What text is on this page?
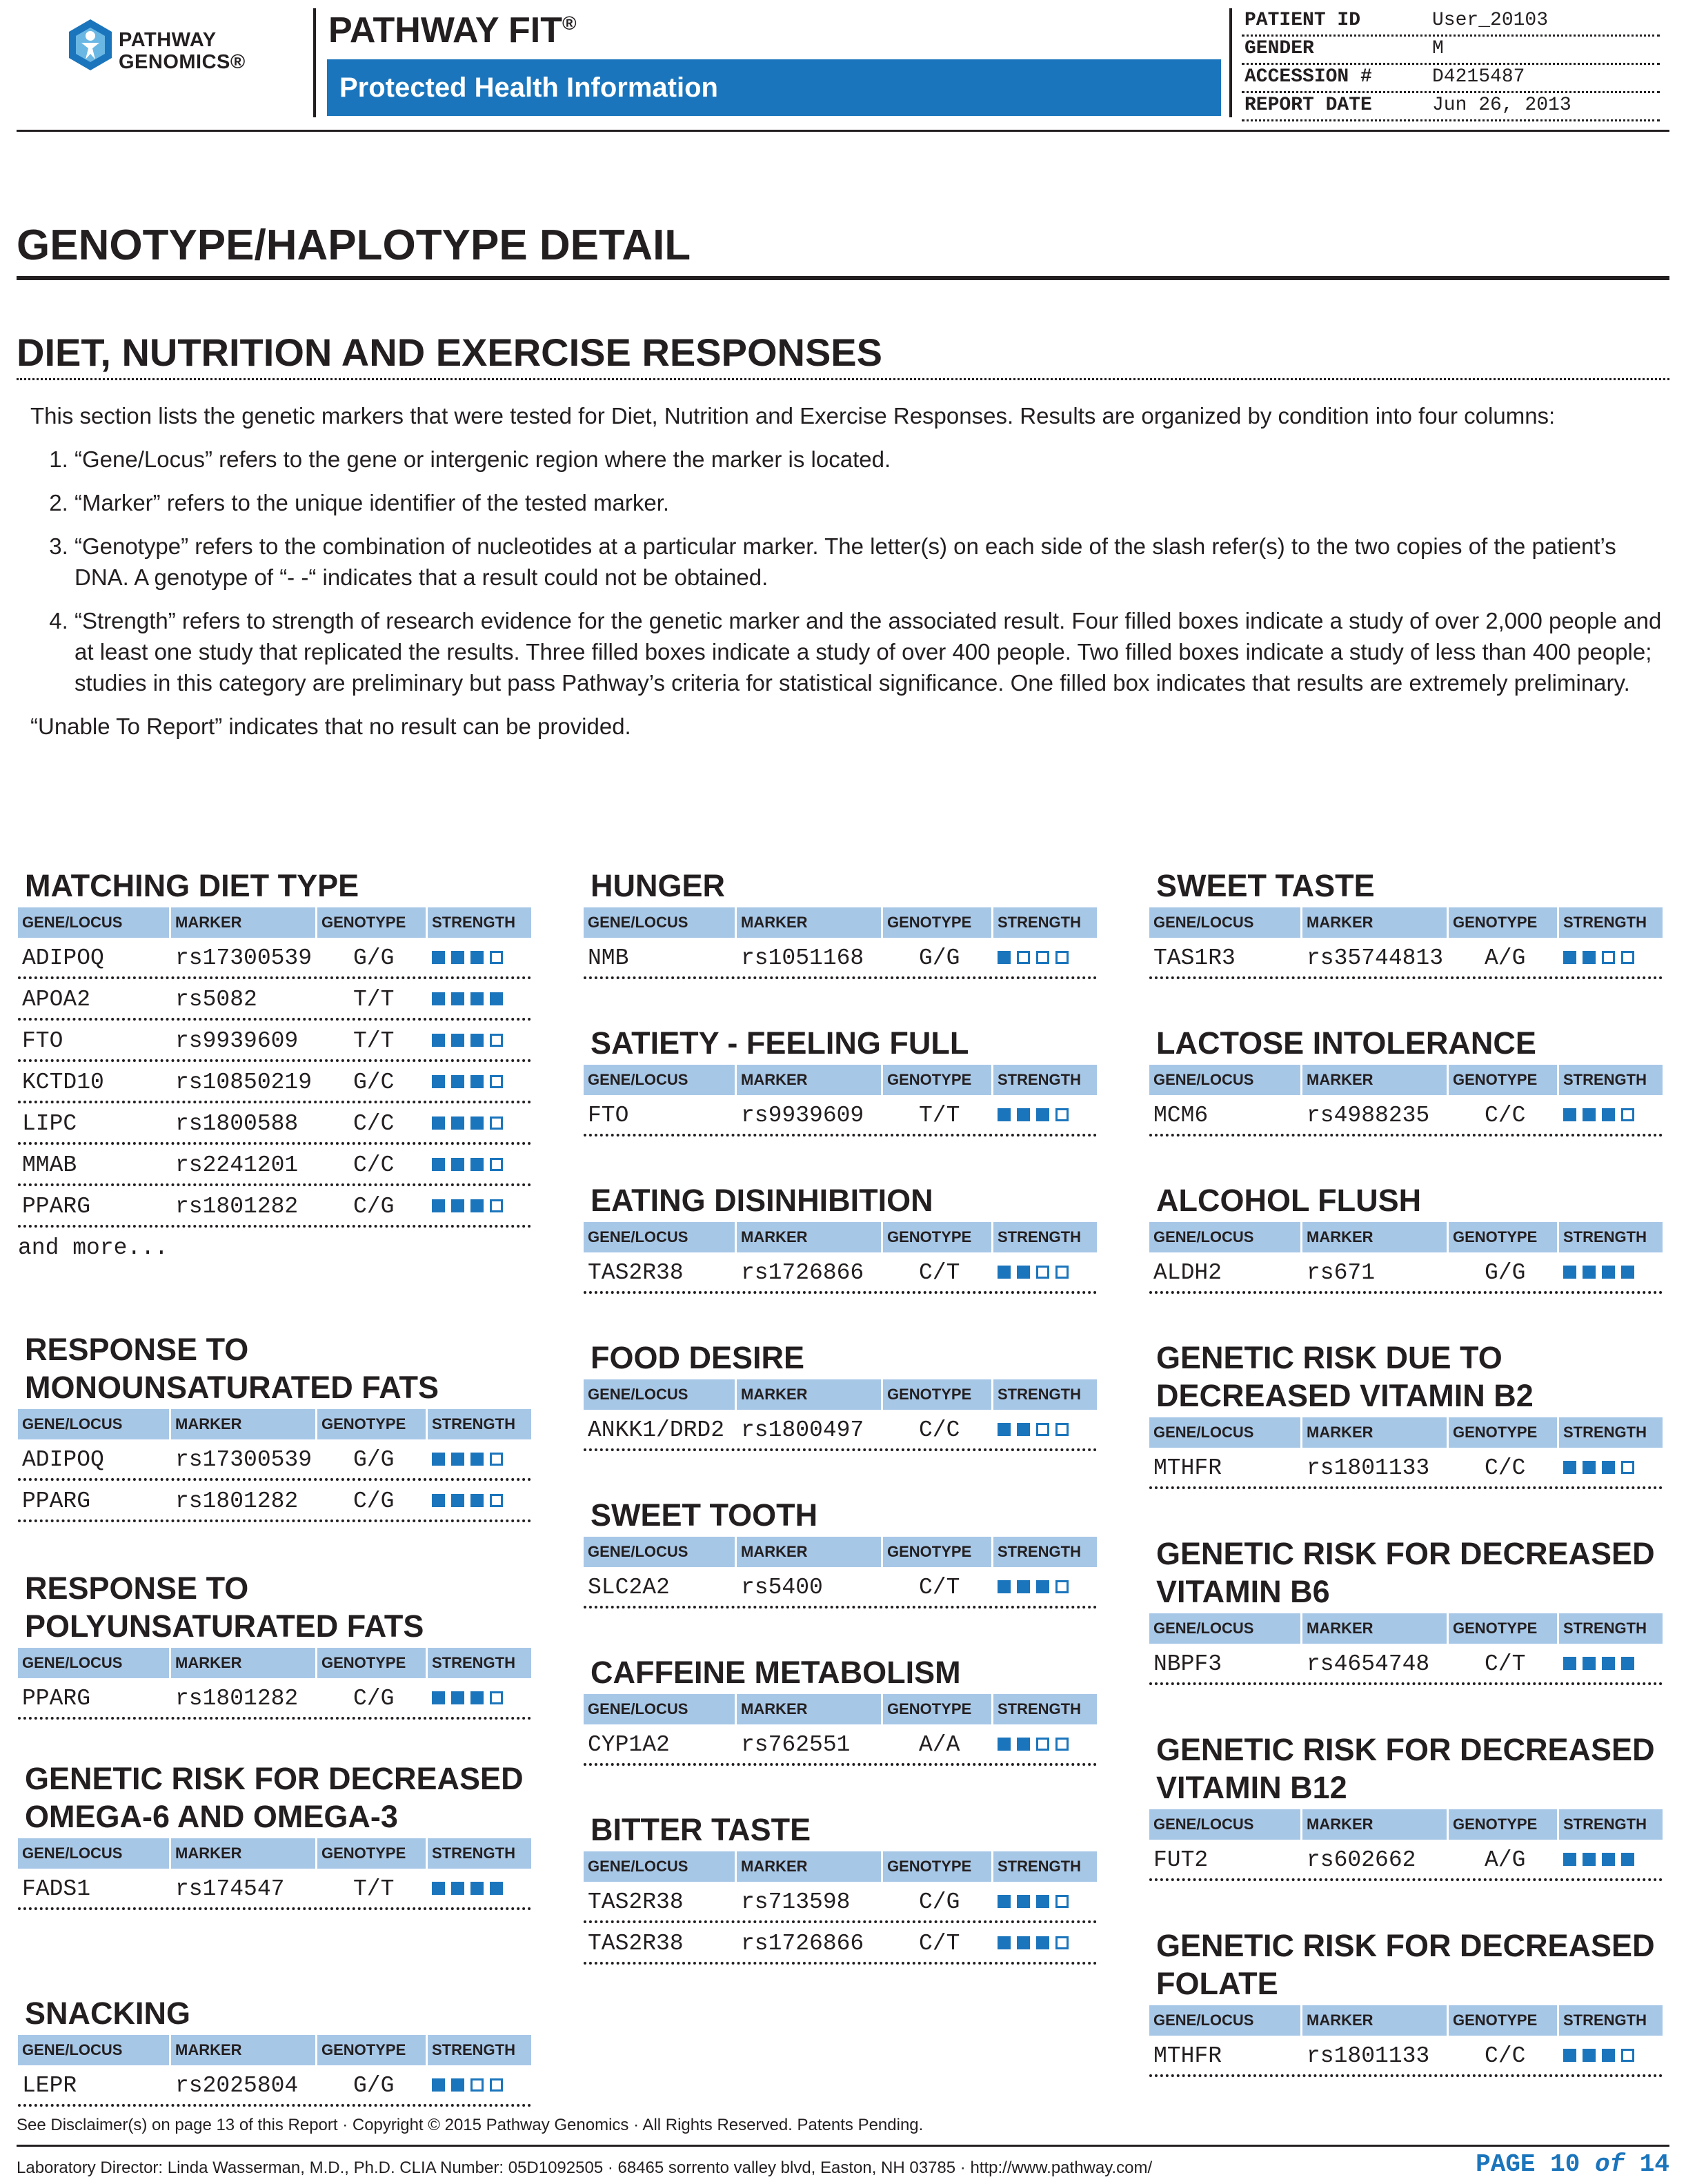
PATHWAY
GENOMICS®
PATHWAY FIT®
Protected Health Information
PATIENT ID	User_20103
GENDER	M
ACCESSION #	D4215487
REPORT DATE	Jun 26, 2013
GENOTYPE/HAPLOTYPE DETAIL
DIET, NUTRITION AND EXERCISE RESPONSES

This section lists the genetic markers that were tested for Diet, Nutrition and Exercise Responses. Results are organized by condition into four columns:

1. “Gene/Locus” refers to the gene or intergenic region where the marker is located.
2. “Marker” refers to the unique identifier of the tested marker.
3. “Genotype” refers to the combination of nucleotides at a particular marker. The letter(s) on each side of the slash refer(s) to the two copies of the patient’s DNA. A genotype of “- -“ indicates that a result could not be obtained.
4. “Strength” refers to strength of research evidence for the genetic marker and the associated result. Four filled boxes indicate a study of over 2,000 people and at least one study that replicated the results. Three filled boxes indicate a study of over 400 people. Two filled boxes indicate a study of less than 400 people; studies in this category are preliminary but pass Pathway’s criteria for statistical significance. One filled box indicates that results are extremely preliminary.

“Unable To Report” indicates that no result can be provided.

MATCHING DIET TYPE
GENE/LOCUS	MARKER	GENOTYPE	STRENGTH
ADIPOQ	rs17300539	G/G
APOA2	rs5082	T/T
FTO	rs9939609	T/T
KCTD10	rs10850219	G/C
LIPC	rs1800588	C/C
MMAB	rs2241201	C/C
PPARG	rs1801282	C/G
and more...
RESPONSE TO MONOUNSATURATED FATS
GENE/LOCUS	MARKER	GENOTYPE	STRENGTH
ADIPOQ	rs17300539	G/G
PPARG	rs1801282	C/G
RESPONSE TO POLYUNSATURATED FATS
GENE/LOCUS	MARKER	GENOTYPE	STRENGTH
PPARG	rs1801282	C/G
GENETIC RISK FOR DECREASED OMEGA-6 AND OMEGA-3
GENE/LOCUS	MARKER	GENOTYPE	STRENGTH
FADS1	rs174547	T/T
SNACKING
GENE/LOCUS	MARKER	GENOTYPE	STRENGTH
LEPR	rs2025804	G/G
HUNGER
GENE/LOCUS	MARKER	GENOTYPE	STRENGTH
NMB	rs1051168	G/G
SATIETY - FEELING FULL
GENE/LOCUS	MARKER	GENOTYPE	STRENGTH
FTO	rs9939609	T/T
EATING DISINHIBITION
GENE/LOCUS	MARKER	GENOTYPE	STRENGTH
TAS2R38	rs1726866	C/T
FOOD DESIRE
GENE/LOCUS	MARKER	GENOTYPE	STRENGTH
ANKK1/DRD2 rs1800497	C/C
SWEET TOOTH
GENE/LOCUS	MARKER	GENOTYPE	STRENGTH
SLC2A2	rs5400	C/T
CAFFEINE METABOLISM
GENE/LOCUS	MARKER	GENOTYPE	STRENGTH
CYP1A2	rs762551	A/A
BITTER TASTE
GENE/LOCUS	MARKER	GENOTYPE	STRENGTH
TAS2R38	rs713598	C/G
TAS2R38	rs1726866	C/T
SWEET TASTE
GENE/LOCUS	MARKER	GENOTYPE	STRENGTH
TAS1R3	rs35744813	A/G
LACTOSE INTOLERANCE
GENE/LOCUS	MARKER	GENOTYPE	STRENGTH
MCM6	rs4988235	C/C
ALCOHOL FLUSH
GENE/LOCUS	MARKER	GENOTYPE	STRENGTH
ALDH2	rs671	G/G
GENETIC RISK DUE TO DECREASED VITAMIN B2
GENE/LOCUS	MARKER	GENOTYPE	STRENGTH
MTHFR	rs1801133	C/C
GENETIC RISK FOR DECREASED VITAMIN B6
GENE/LOCUS	MARKER	GENOTYPE	STRENGTH
NBPF3	rs4654748	C/T
GENETIC RISK FOR DECREASED VITAMIN B12
GENE/LOCUS	MARKER	GENOTYPE	STRENGTH
FUT2	rs602662	A/G
GENETIC RISK FOR DECREASED FOLATE
GENE/LOCUS	MARKER	GENOTYPE	STRENGTH
MTHFR	rs1801133	C/C
See Disclaimer(s) on page 13 of this Report · Copyright © 2015 Pathway Genomics · All Rights Reserved. Patents Pending.
Laboratory Director: Linda Wasserman, M.D., Ph.D. CLIA Number: 05D1092505 · 68465 sorrento valley blvd, Easton, NH 03785 · http://www.pathway.com/	PAGE 10 of 14
